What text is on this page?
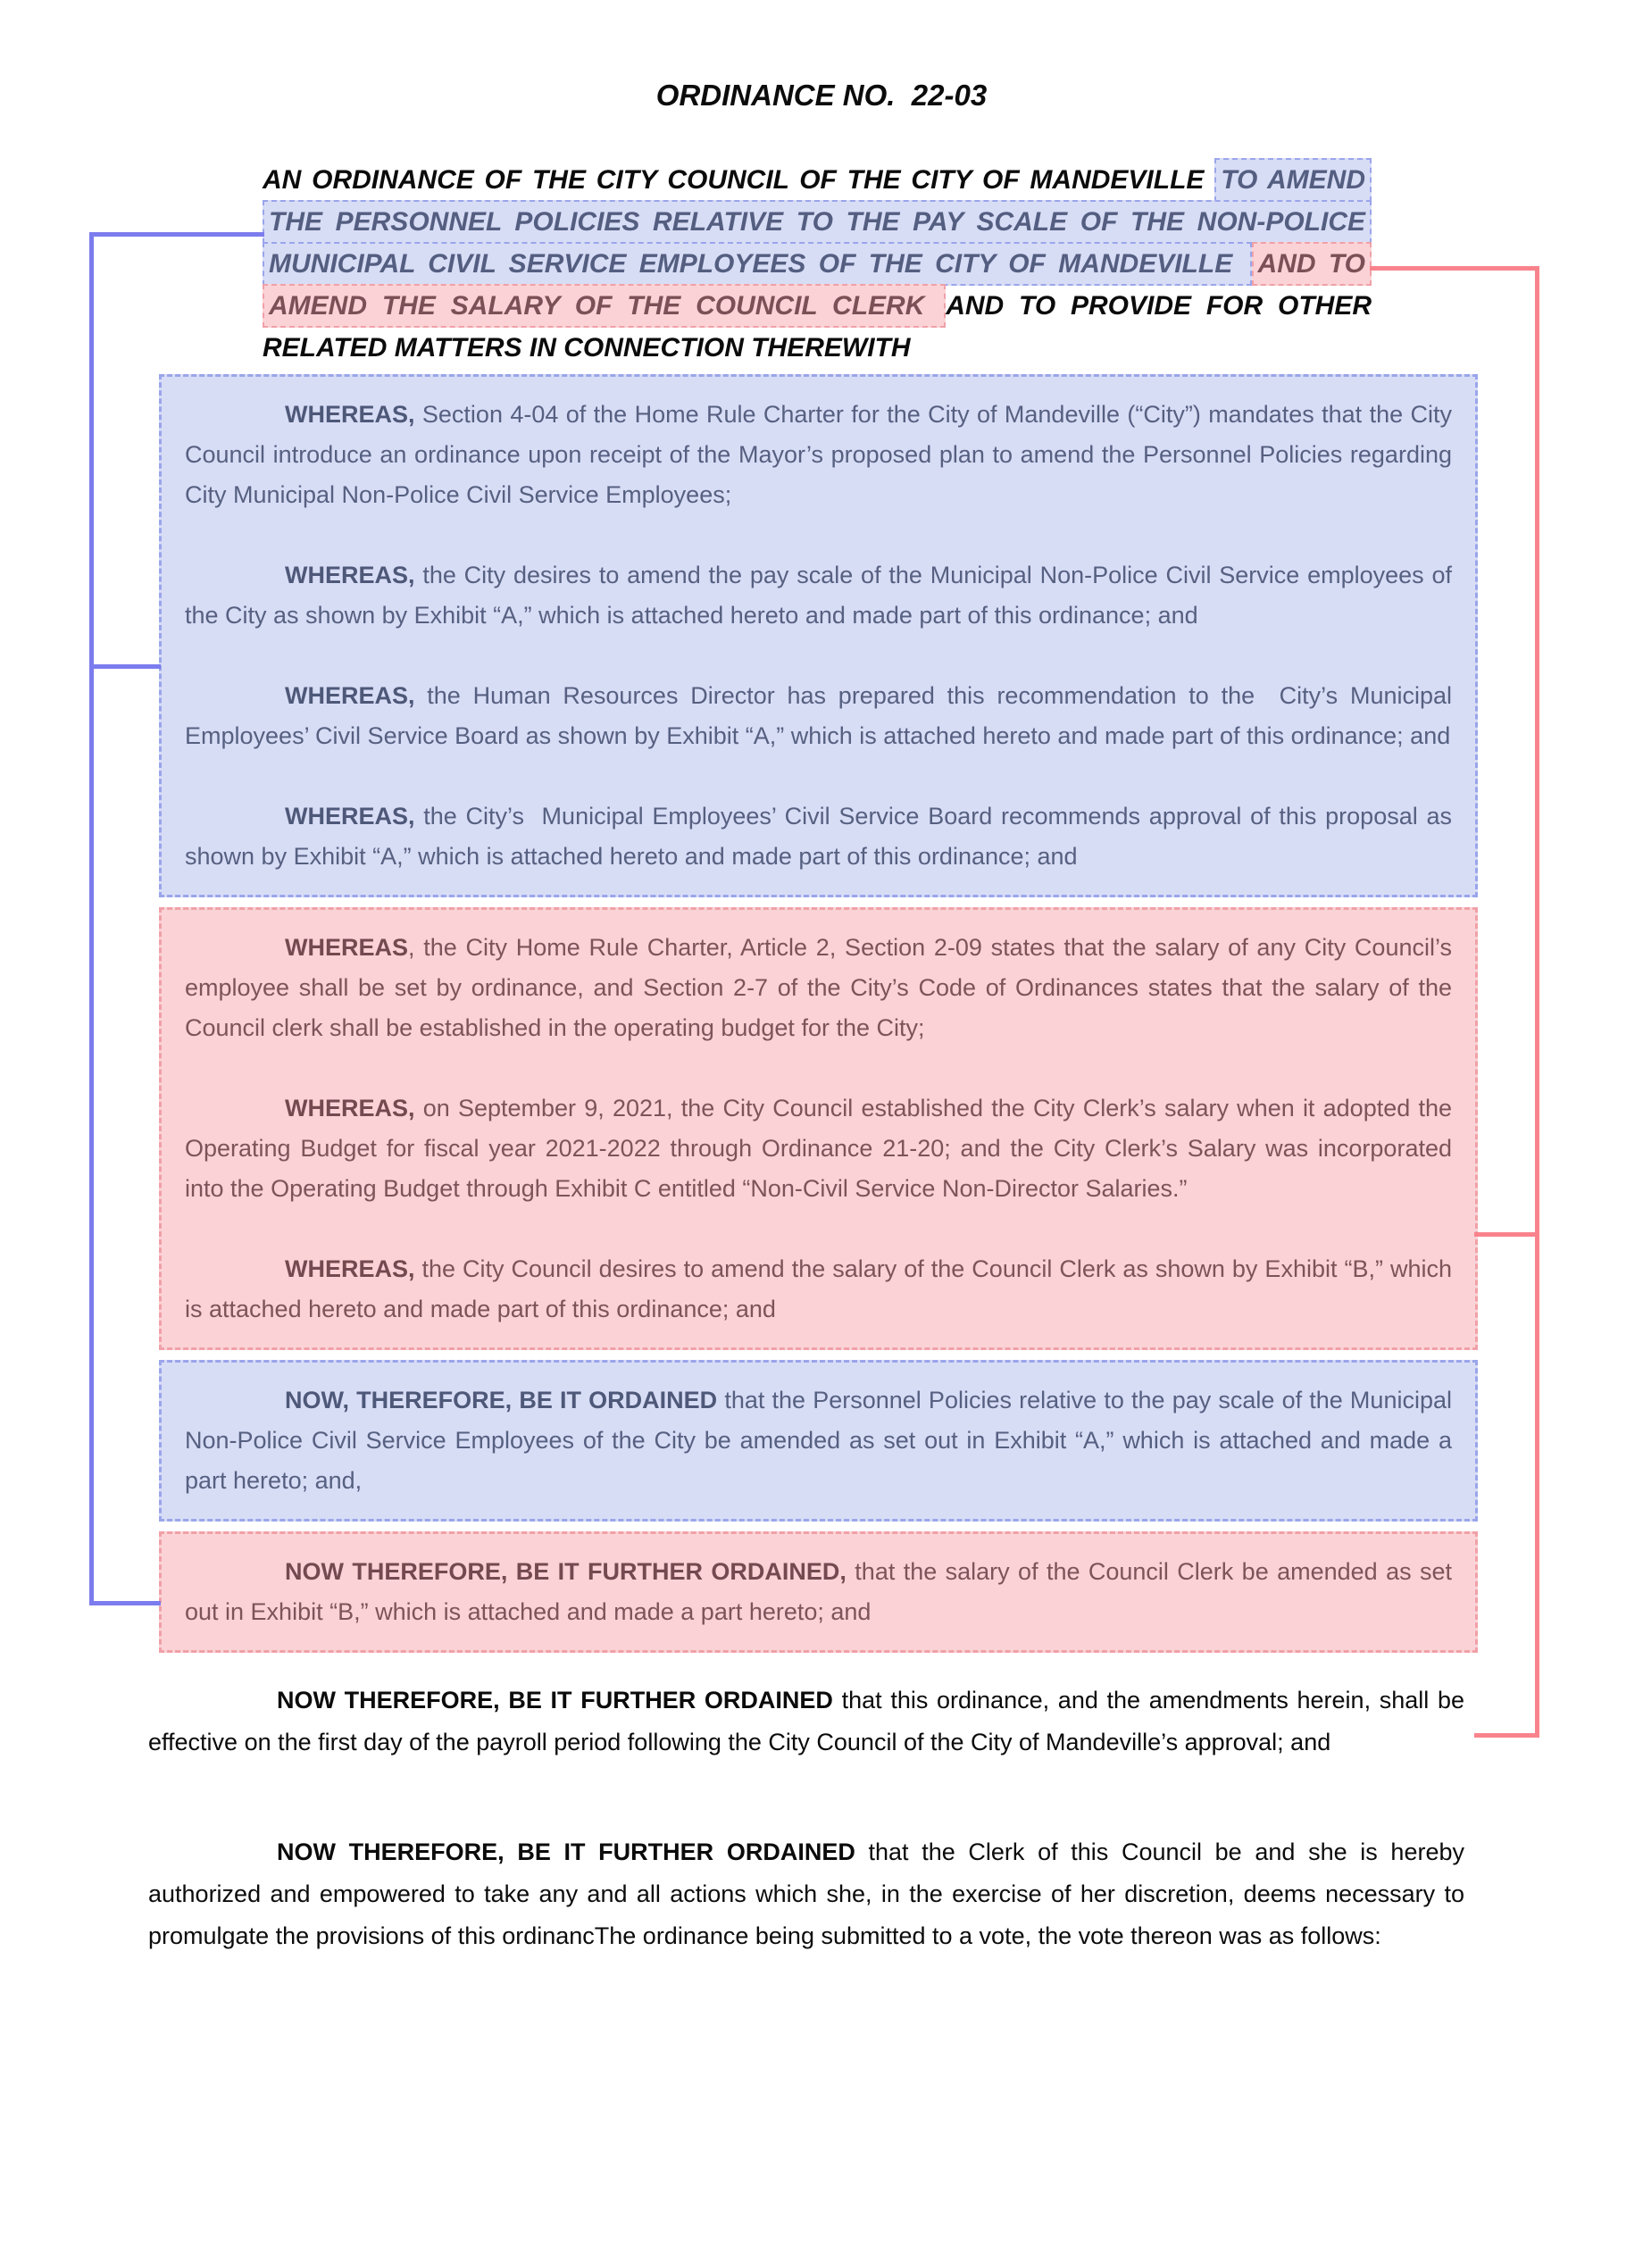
ORDINANCE NO.  22-03
AN ORDINANCE OF THE CITY COUNCIL OF THE CITY OF MANDEVILLE TO AMEND
THE PERSONNEL POLICIES RELATIVE TO THE PAY SCALE OF THE NON-POLICE
MUNICIPAL CIVIL SERVICE EMPLOYEES OF THE CITY OF MANDEVILLE AND TO
AMEND THE SALARY OF THE COUNCIL CLERK AND TO PROVIDE FOR OTHER
RELATED MATTERS IN CONNECTION THEREWITH

WHEREAS, Section 4-04 of the Home Rule Charter for the City of Mandeville (“City”) mandates that the City Council introduce an ordinance upon receipt of the Mayor’s proposed plan to amend the Personnel Policies regarding City Municipal Non-Police Civil Service Employees;

WHEREAS, the City desires to amend the pay scale of the Municipal Non-Police Civil Service employees of the City as shown by Exhibit “A,” which is attached hereto and made part of this ordinance; and

WHEREAS, the Human Resources Director has prepared this recommendation to the  City’s Municipal Employees’ Civil Service Board as shown by Exhibit “A,” which is attached hereto and made part of this ordinance; and

WHEREAS, the City’s  Municipal Employees’ Civil Service Board recommends approval of this proposal as shown by Exhibit “A,” which is attached hereto and made part of this ordinance; and

WHEREAS, the City Home Rule Charter, Article 2, Section 2-09 states that the salary of any City Council’s employee shall be set by ordinance, and Section 2-7 of the City’s Code of Ordinances states that the salary of the Council clerk shall be established in the operating budget for the City;

WHEREAS, on September 9, 2021, the City Council established the City Clerk’s salary when it adopted the Operating Budget for fiscal year 2021-2022 through Ordinance 21-20; and the City Clerk’s Salary was incorporated into the Operating Budget through Exhibit C entitled “Non-Civil Service Non-Director Salaries.”

WHEREAS, the City Council desires to amend the salary of the Council Clerk as shown by Exhibit “B,” which is attached hereto and made part of this ordinance; and

NOW, THEREFORE, BE IT ORDAINED that the Personnel Policies relative to the pay scale of the Municipal Non-Police Civil Service Employees of the City be amended as set out in Exhibit “A,” which is attached and made a part hereto; and,

NOW THEREFORE, BE IT FURTHER ORDAINED, that the salary of the Council Clerk be amended as set out in Exhibit “B,” which is attached and made a part hereto; and

NOW THEREFORE, BE IT FURTHER ORDAINED that this ordinance, and the amendments herein, shall be effective on the first day of the payroll period following the City Council of the City of Mandeville’s approval; and

NOW THEREFORE, BE IT FURTHER ORDAINED that the Clerk of this Council be and she is hereby authorized and empowered to take any and all actions which she, in the exercise of her discretion, deems necessary to promulgate the provisions of this ordinancThe ordinance being submitted to a vote, the vote thereon was as follows:
